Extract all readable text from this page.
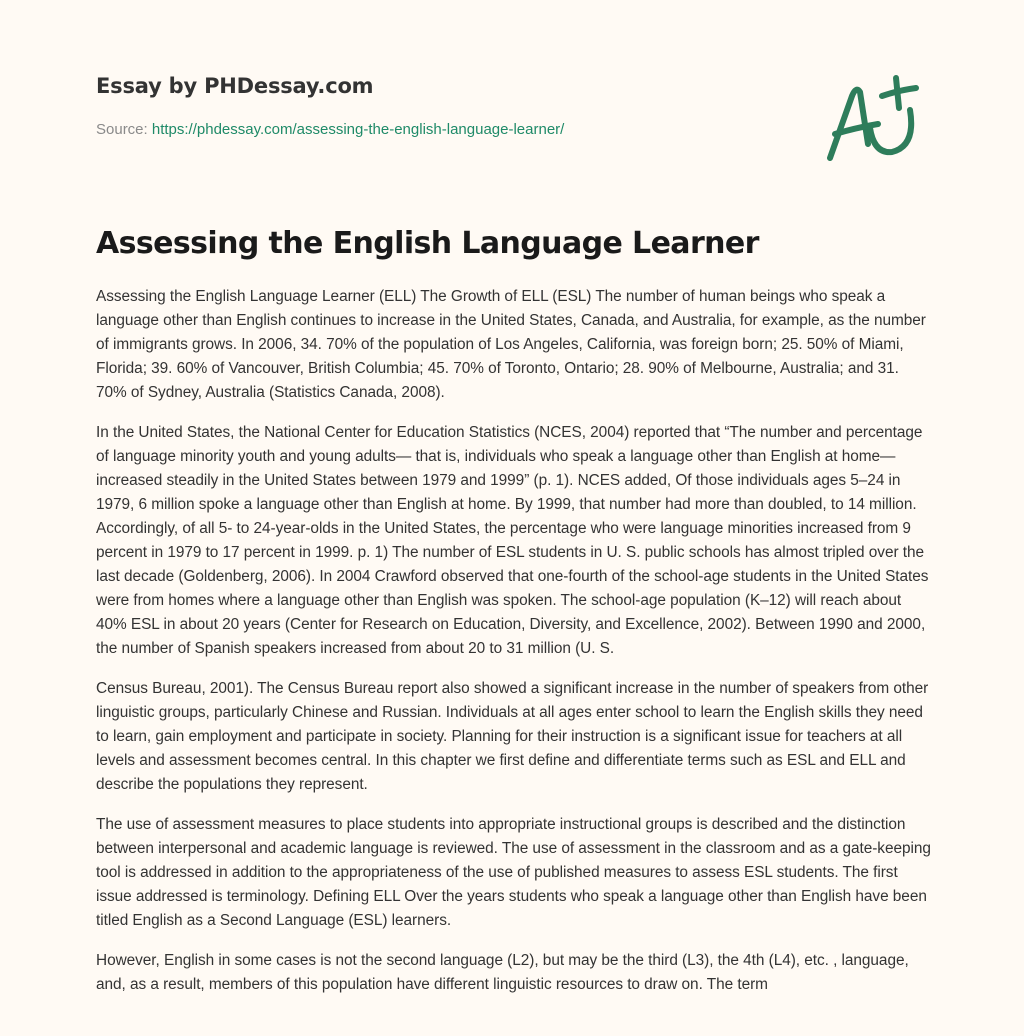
Essay by PHDessay.com
Source: https://phdessay.com/assessing-the-english-language-learner/
Assessing the English Language Learner

Assessing the English Language Learner (ELL) The Growth of ELL (ESL) The number of human beings who speak a language other than English continues to increase in the United States, Canada, and Australia, for example, as the number of immigrants grows. In 2006, 34. 70% of the population of Los Angeles, California, was foreign born; 25. 50% of Miami, Florida; 39. 60% of Vancouver, British Columbia; 45. 70% of Toronto, Ontario; 28. 90% of Melbourne, Australia; and 31. 70% of Sydney, Australia (Statistics Canada, 2008).

In the United States, the National Center for Education Statistics (NCES, 2004) reported that “The number and percentage of language minority youth and young adults— that is, individuals who speak a language other than English at home—increased steadily in the United States between 1979 and 1999” (p. 1). NCES added, Of those individuals ages 5–24 in 1979, 6 million spoke a language other than English at home. By 1999, that number had more than doubled, to 14 million. Accordingly, of all 5- to 24-year-olds in the United States, the percentage who were language minorities increased from 9 percent in 1979 to 17 percent in 1999. p. 1) The number of ESL students in U. S. public schools has almost tripled over the last decade (Goldenberg, 2006). In 2004 Crawford observed that one-fourth of the school-age students in the United States were from homes where a language other than English was spoken. The school-age population (K–12) will reach about 40% ESL in about 20 years (Center for Research on Education, Diversity, and Excellence, 2002). Between 1990 and 2000, the number of Spanish speakers increased from about 20 to 31 million (U. S.

Census Bureau, 2001). The Census Bureau report also showed a significant increase in the number of speakers from other linguistic groups, particularly Chinese and Russian. Individuals at all ages enter school to learn the English skills they need to learn, gain employment and participate in society. Planning for their instruction is a significant issue for teachers at all levels and assessment becomes central. In this chapter we first define and differentiate terms such as ESL and ELL and describe the populations they represent.

The use of assessment measures to place students into appropriate instructional groups is described and the distinction between interpersonal and academic language is reviewed. The use of assessment in the classroom and as a gate-keeping tool is addressed in addition to the appropriateness of the use of published measures to assess ESL students. The first issue addressed is terminology. Defining ELL Over the years students who speak a language other than English have been titled English as a Second Language (ESL) learners.

However, English in some cases is not the second language (L2), but may be the third (L3), the 4th (L4), etc. , language, and, as a result, members of this population have different linguistic resources to draw on. The term
